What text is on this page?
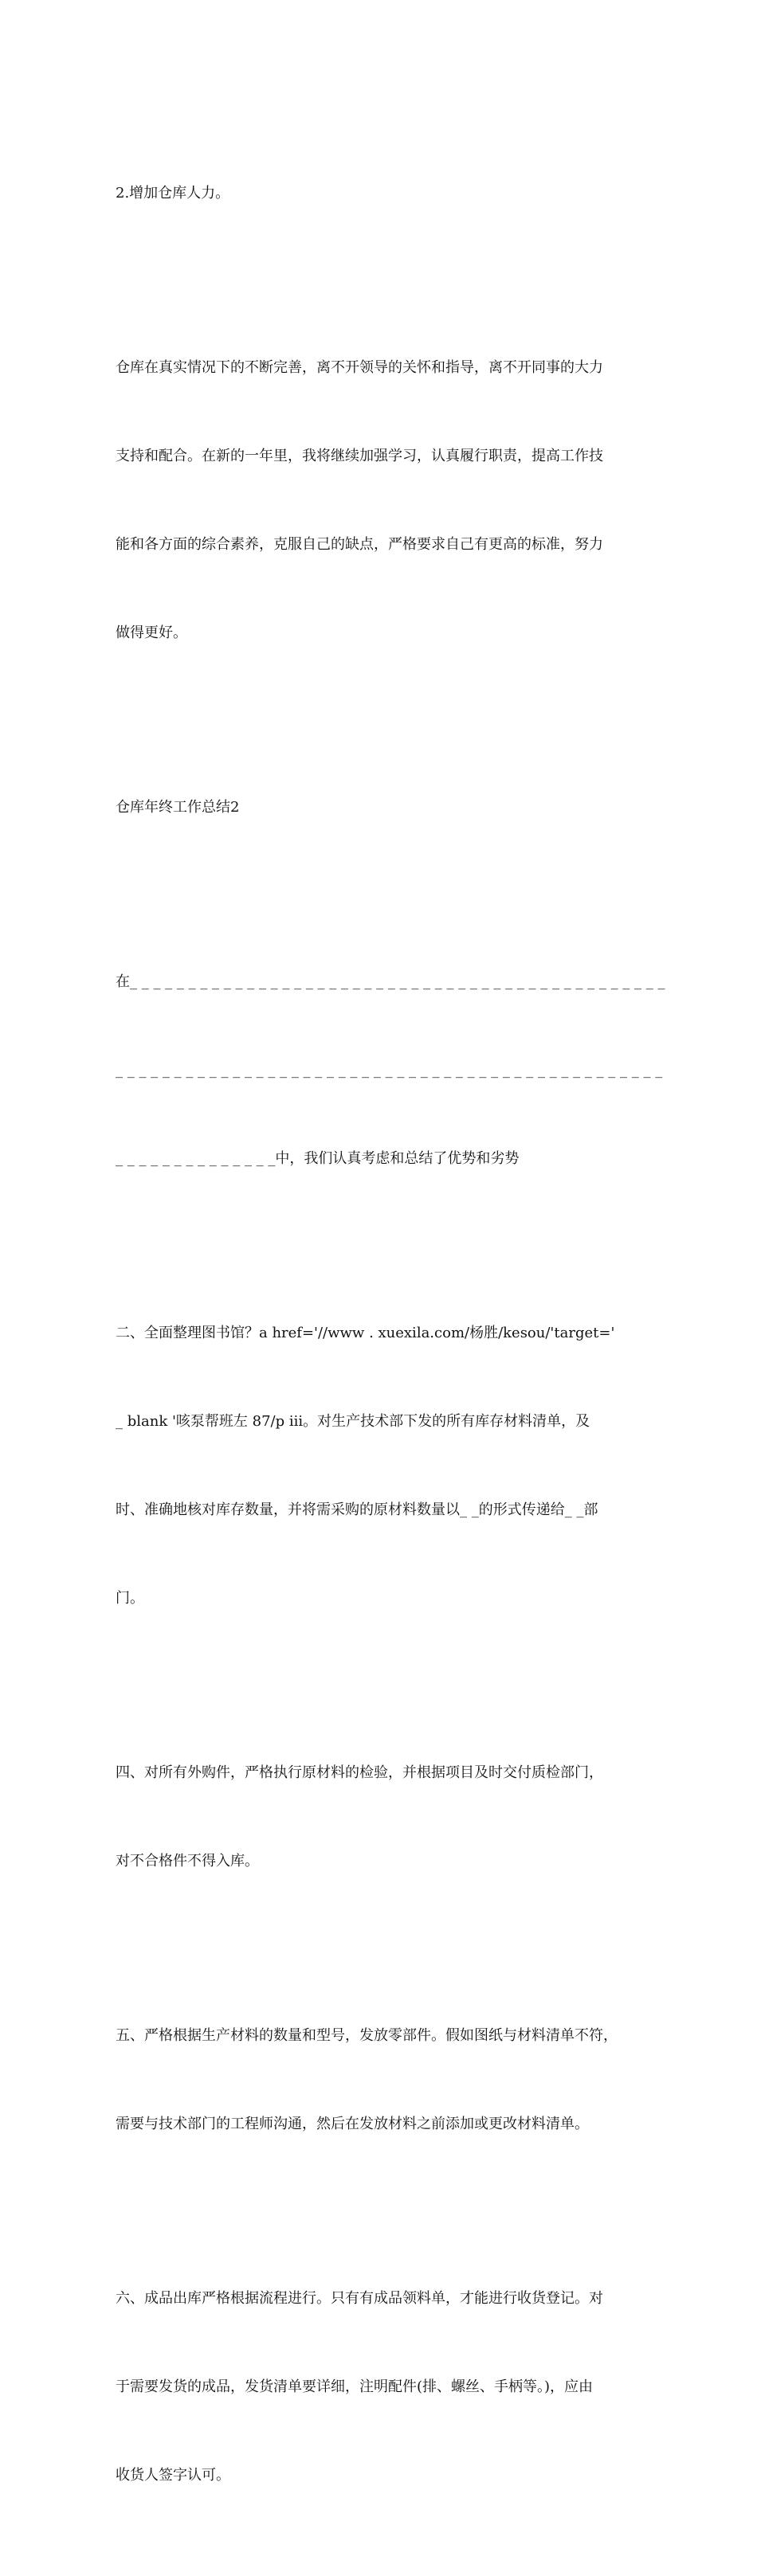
2.增加仓库人力。

仓库在真实情况下的不断完善，离不开领导的关怀和指导，离不开同事的大力

支持和配合。在新的一年里，我将继续加强学习，认真履行职责，提高工作技

能和各方面的综合素养，克服自己的缺点，严格要求自己有更高的标准，努力

做得更好。

仓库年终工作总结2

在_ _ _ _ _ _ _ _ _ _ _ _ _ _ _ _ _ _ _ _ _ _ _ _ _ _ _ _ _ _ _ _ _ _ _ _ _ _ _ _ _ _ _ _ _ _

_ _ _ _ _ _ _ _ _ _ _ _ _ _ _ _ _ _ _ _ _ _ _ _ _ _ _ _ _ _ _ _ _ _ _ _ _ _ _ _ _ _ _ _ _ _ _

_ _ _ _ _ _ _ _ _ _ _ _ _ _中，我们认真考虑和总结了优势和劣势

二、全面整理图书馆？a href='//www . xuexila.com/杨胜/kesou/'target='

_ blank '咳泵帮班左 87/p iii。对生产技术部下发的所有库存材料清单，及

时、准确地核对库存数量，并将需采购的原材料数量以_ _的形式传递给_ _部

门。

四、对所有外购件，严格执行原材料的检验，并根据项目及时交付质检部门，

对不合格件不得入库。

五、严格根据生产材料的数量和型号，发放零部件。假如图纸与材料清单不符，

需要与技术部门的工程师沟通，然后在发放材料之前添加或更改材料清单。

六、成品出库严格根据流程进行。只有有成品领料单，才能进行收货登记。对

于需要发货的成品，发货清单要详细，注明配件(排、螺丝、手柄等。)，应由

收货人签字认可。
